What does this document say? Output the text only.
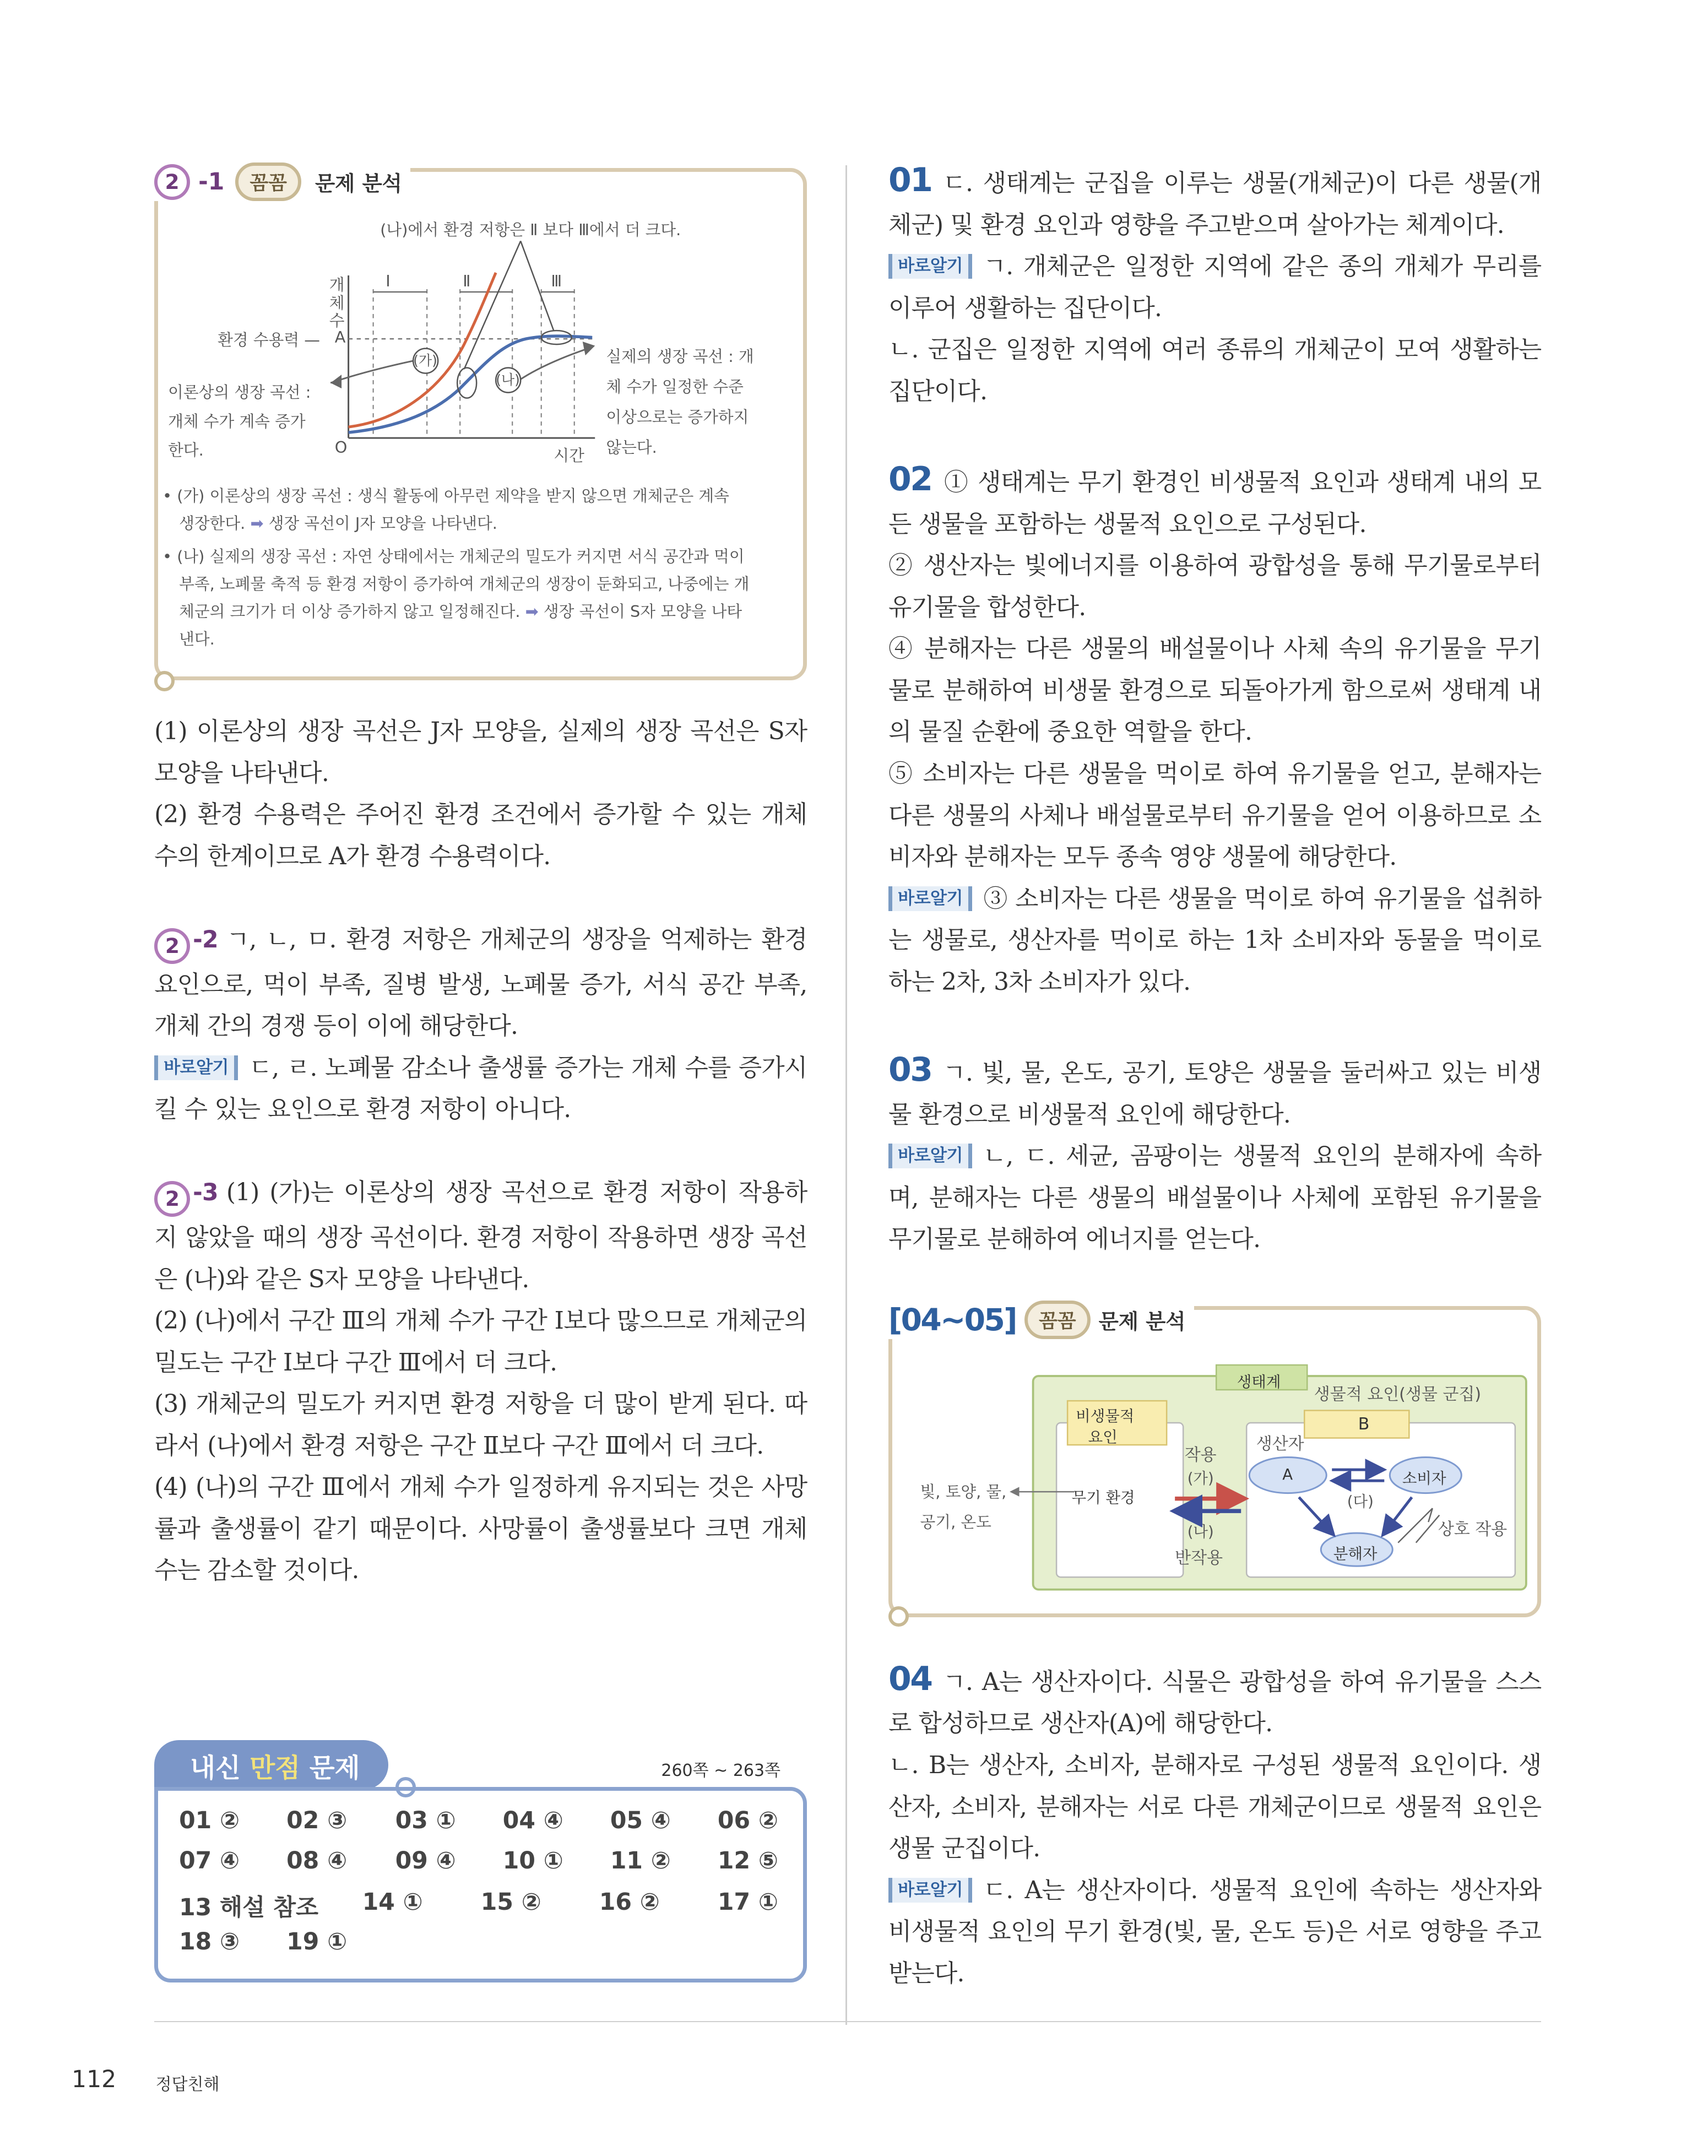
2	-1	꼼꼼	문제 분석
(나)에서 환경 저항은 Ⅱ 보다 Ⅲ에서 더 크다.
개
체
수
환경 수용력 — A
O	시간
Ⅰ	Ⅱ	Ⅲ
(가)
(나)
이론상의 생장 곡선 :
개체 수가 계속 증가
한다.
실제의 생장 곡선 : 개
체 수가 일정한 수준
이상으로는 증가하지
않는다.
• (가) 이론상의 생장 곡선 : 생식 활동에 아무런 제약을 받지 않으면 개체군은 계속
생장한다. ➡ 생장 곡선이 J자 모양을 나타낸다.
• (나) 실제의 생장 곡선 : 자연 상태에서는 개체군의 밀도가 커지면 서식 공간과 먹이
부족, 노폐물 축적 등 환경 저항이 증가하여 개체군의 생장이 둔화되고, 나중에는 개
체군의 크기가 더 이상 증가하지 않고 일정해진다. ➡ 생장 곡선이 S자 모양을 나타
낸다.

(1) 이론상의 생장 곡선은 J자 모양을, 실제의 생장 곡선은 S자 모양을 나타낸다.

(2) 환경 수용력은 주어진 환경 조건에서 증가할 수 있는 개체 수의 한계이므로 A가 환경 수용력이다.

2 -2 ㄱ, ㄴ, ㅁ. 환경 저항은 개체군의 생장을 억제하는 환경 요인으로, 먹이 부족, 질병 발생, 노폐물 증가, 서식 공간 부족, 개체 간의 경쟁 등이 이에 해당한다.

바로알기 ㄷ, ㄹ. 노폐물 감소나 출생률 증가는 개체 수를 증가시킬 수 있는 요인으로 환경 저항이 아니다.

2 -3 (1) (가)는 이론상의 생장 곡선으로 환경 저항이 작용하지 않았을 때의 생장 곡선이다. 환경 저항이 작용하면 생장 곡선은 (나)와 같은 S자 모양을 나타낸다.

(2) (나)에서 구간 Ⅲ의 개체 수가 구간 Ⅰ보다 많으므로 개체군의 밀도는 구간 Ⅰ보다 구간 Ⅲ에서 더 크다.

(3) 개체군의 밀도가 커지면 환경 저항을 더 많이 받게 된다. 따라서 (나)에서 환경 저항은 구간 Ⅱ보다 구간 Ⅲ에서 더 크다.

(4) (나)의 구간 Ⅲ에서 개체 수가 일정하게 유지되는 것은 사망률과 출생률이 같기 때문이다. 사망률이 출생률보다 크면 개체 수는 감소할 것이다.

내신 만점 문제	260쪽 ~ 263쪽
01 ②	02 ③	03 ①	04 ④	05 ④	06 ②
07 ④	08 ④	09 ④	10 ①	11 ②	12 ⑤
13 해설 참조	14 ①	15 ②	16 ②	17 ①
18 ③	19 ①

01 ㄷ. 생태계는 군집을 이루는 생물(개체군)이 다른 생물(개체군) 및 환경 요인과 영향을 주고받으며 살아가는 체계이다.

바로알기 ㄱ. 개체군은 일정한 지역에 같은 종의 개체가 무리를 이루어 생활하는 집단이다.

ㄴ. 군집은 일정한 지역에 여러 종류의 개체군이 모여 생활하는 집단이다.

02 ① 생태계는 무기 환경인 비생물적 요인과 생태계 내의 모든 생물을 포함하는 생물적 요인으로 구성된다.

② 생산자는 빛에너지를 이용하여 광합성을 통해 무기물로부터 유기물을 합성한다.

④ 분해자는 다른 생물의 배설물이나 사체 속의 유기물을 무기물로 분해하여 비생물 환경으로 되돌아가게 함으로써 생태계 내의 물질 순환에 중요한 역할을 한다.

⑤ 소비자는 다른 생물을 먹이로 하여 유기물을 얻고, 분해자는 다른 생물의 사체나 배설물로부터 유기물을 얻어 이용하므로 소비자와 분해자는 모두 종속 영양 생물에 해당한다.

바로알기 ③ 소비자는 다른 생물을 먹이로 하여 유기물을 섭취하는 생물로, 생산자를 먹이로 하는 1차 소비자와 동물을 먹이로 하는 2차, 3차 소비자가 있다.

03 ㄱ. 빛, 물, 온도, 공기, 토양은 생물을 둘러싸고 있는 비생물 환경으로 비생물적 요인에 해당한다.

바로알기 ㄴ, ㄷ. 세균, 곰팡이는 생물적 요인의 분해자에 속하며, 분해자는 다른 생물의 배설물이나 사체에 포함된 유기물을 무기물로 분해하여 에너지를 얻는다.

[04~05]	꼼꼼	문제 분석
생태계
생물적 요인(생물 군집)
비생물적
요인
B
생산자
A	소비자
분해자
(다)
작용
(가)
(나)
반작용
무기 환경
빛, 토양, 물,
공기, 온도	상호 작용

04 ㄱ. A는 생산자이다. 식물은 광합성을 하여 유기물을 스스로 합성하므로 생산자(A)에 해당한다.

ㄴ. B는 생산자, 소비자, 분해자로 구성된 생물적 요인이다. 생산자, 소비자, 분해자는 서로 다른 개체군이므로 생물적 요인은 생물 군집이다.

바로알기 ㄷ. A는 생산자이다. 생물적 요인에 속하는 생산자와 비생물적 요인의 무기 환경(빛, 물, 온도 등)은 서로 영향을 주고받는다.

112	정답친해
